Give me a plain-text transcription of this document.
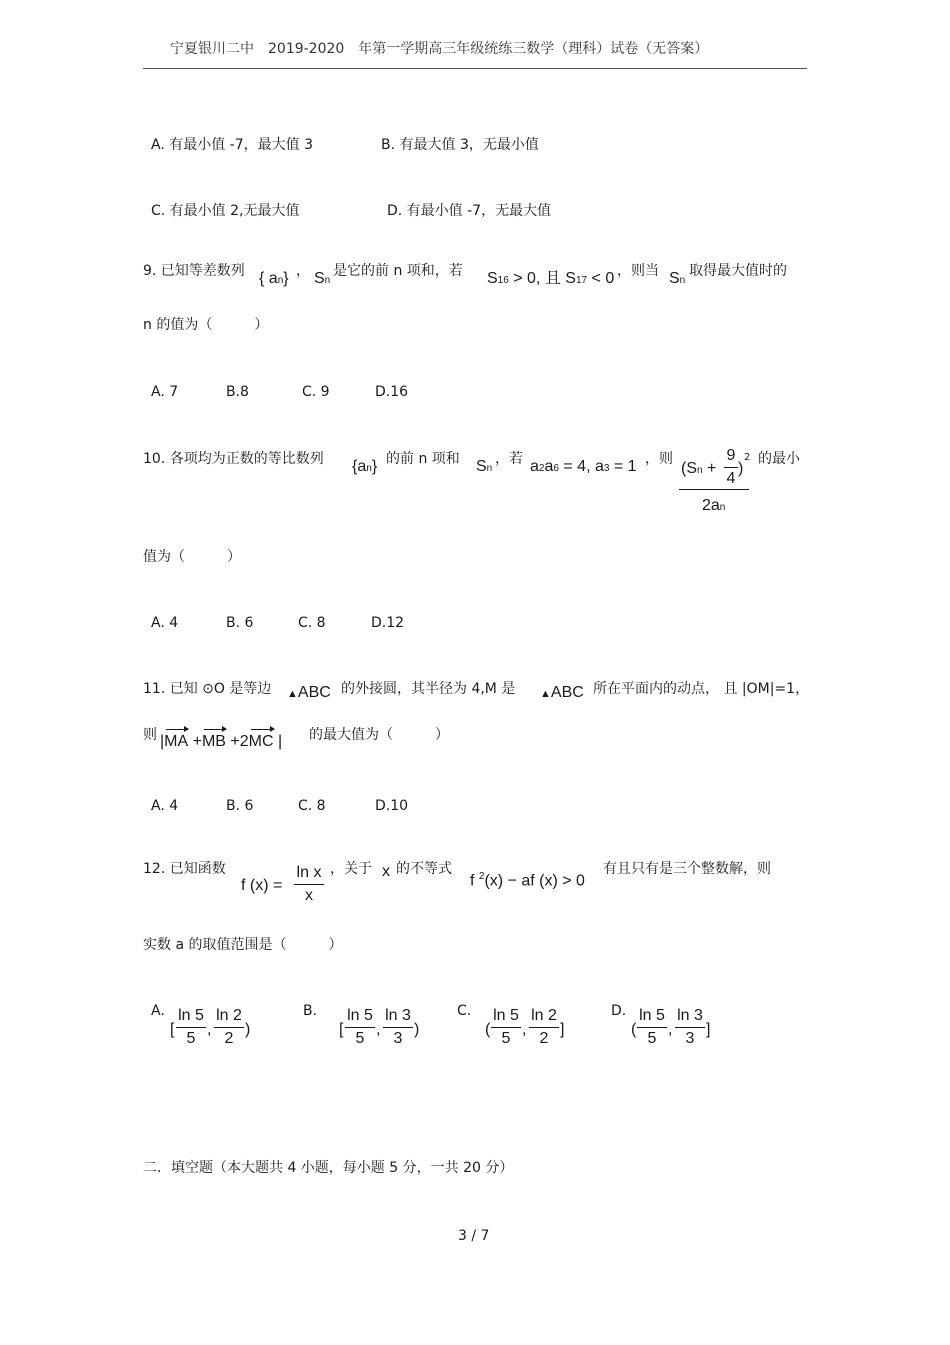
宁夏银川二中　2019-2020　年第一学期高三年级统练三数学（理科）试卷（无答案）
A. 有最小值 -7，最大值 3	B. 有最大值 3，无最小值
C. 有最小值 2,无最大值	D. 有最小值 -7，无最大值
9. 已知等差数列 { an} ， Sn
是它的前 n 项和，若 S16 > 0, 且 S17 < 0 ，则当 Sn
取得最大值时的
n 的值为（　　　）
A. 7	B.8	C. 9	D.16
10. 各项均为正数的等比数列 {an} 的前 n 项和 Sn
，若 a2a6 = 4, a3 = 1 ，则
(Sn +
9
4
)
2
2an
的最小
值为（　　　）
A. 4	B. 6	C. 8	D.12
11. 已知 ⊙O 是等边 ▲ABC 的外接圆，其半径为 4,M 是 ▲ABC 所在平面内的动点， 且 |OM|=1，
则 |MA +MB +2MC | 的最大值为（　　　）
A. 4	B. 6	C. 8	D.10
12. 已知函数
f (x) =
ln x
x
，关于 x 的不等式
f $^2$(x) − af (x) > 0
有且只有是三个整数解，则
实数 a 的取值范围是（　　　）
A.
[
ln 5
5
,
ln 2
2
)
B.
[
ln 5
5
,
ln 3
3
)
C.
(
ln 5
5
,
ln 2
2
]
D.
(
ln 5
5
,
ln 3
3
]
二．填空题（本大题共 4 小题，每小题 5 分，一共 20 分）
3 / 7
